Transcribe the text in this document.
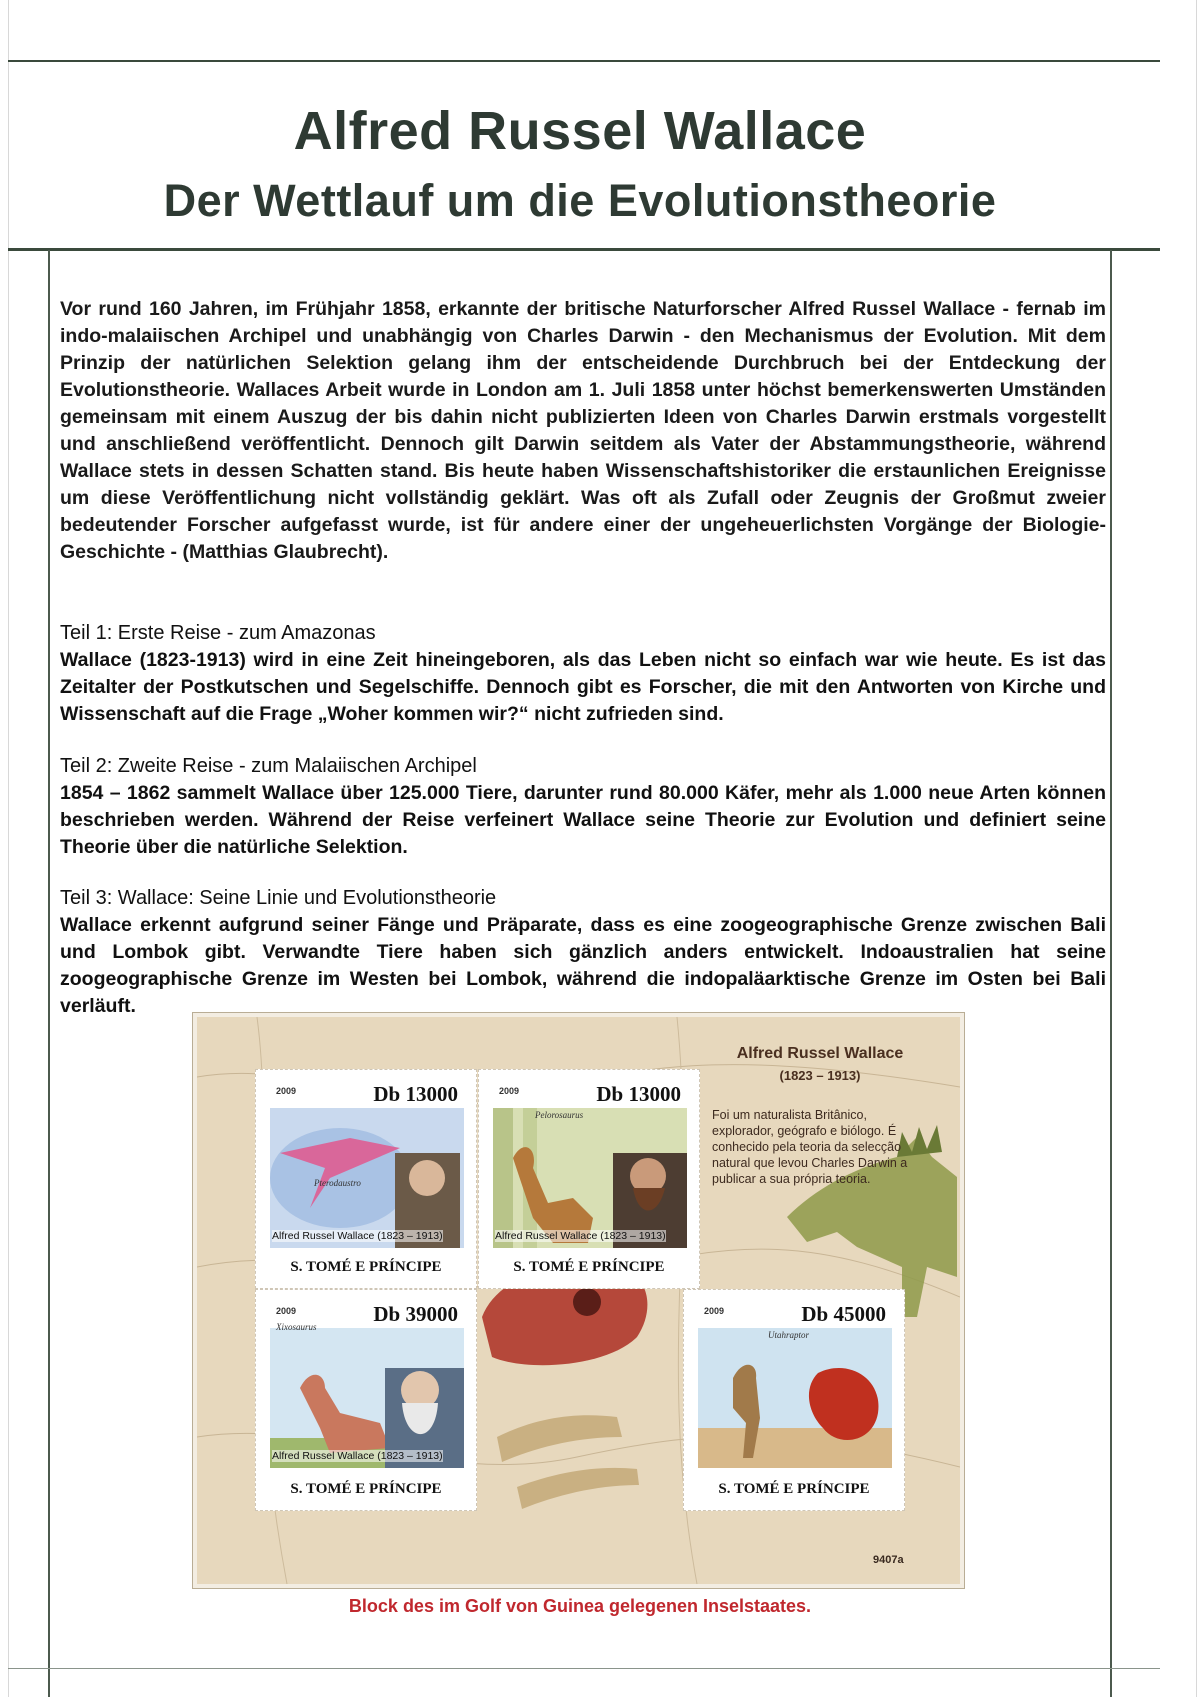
Alfred Russel Wallace
Der Wettlauf um die Evolutionstheorie
Vor rund 160 Jahren, im Frühjahr 1858, erkannte der britische Naturforscher Alfred Russel Wallace - fernab im indo-malaiischen Archipel und unabhängig von Charles Darwin - den Mechanismus der Evolution. Mit dem Prinzip der natürlichen Selektion gelang ihm der entscheidende Durchbruch bei der Entdeckung der Evolutionstheorie. Wallaces Arbeit wurde in London am 1. Juli 1858 unter höchst bemerkenswerten Umständen gemeinsam mit einem Auszug der bis dahin nicht publizierten Ideen von Charles Darwin erstmals vorgestellt und anschließend veröffentlicht. Dennoch gilt Darwin seitdem als Vater der Abstammungstheorie, während Wallace stets in dessen Schatten stand. Bis heute haben Wissenschaftshistoriker die erstaunlichen Ereignisse um diese Veröffentlichung nicht vollständig geklärt. Was oft als Zufall oder Zeugnis der Großmut zweier bedeutender Forscher aufgefasst wurde, ist für andere einer der ungeheuerlichsten Vorgänge der Biologie-Geschichte - (Matthias Glaubrecht).
Teil 1: Erste Reise - zum Amazonas

Wallace (1823-1913) wird in eine Zeit hineingeboren, als das Leben nicht so einfach war wie heute. Es ist das Zeitalter der Postkutschen und Segelschiffe. Dennoch gibt es Forscher, die mit den Antworten von Kirche und Wissenschaft auf die Frage „Woher kommen wir?“ nicht zufrieden sind.

Teil 2: Zweite Reise - zum Malaiischen Archipel

1854 – 1862 sammelt Wallace über 125.000 Tiere, darunter rund 80.000 Käfer, mehr als 1.000 neue Arten können beschrieben werden. Während der Reise verfeinert Wallace seine Theorie zur Evolution und definiert seine Theorie über die natürliche Selektion.

Teil 3: Wallace: Seine Linie und Evolutionstheorie

Wallace erkennt aufgrund seiner Fänge und Präparate, dass es eine zoogeographische Grenze zwischen Bali und Lombok gibt. Verwandte Tiere haben sich gänzlich anders entwickelt. Indoaustralien hat seine zoogeographische Grenze im Westen bei Lombok, während die indopaläarktische Grenze im Osten bei Bali verläuft.

Alfred Russel Wallace
(1823 – 1913)
Foi um naturalista Britânico, explorador, geógrafo e biólogo. É conhecido pela teoria da selecção natural que levou Charles Darwin a publicar a sua própria teoria.
2009	Db 13000
Pterodaustro
Alfred Russel Wallace (1823 – 1913)
S. TOMÉ E PRÍNCIPE
2009	Db 13000
Pelorosaurus
Alfred Russel Wallace (1823 – 1913)
S. TOMÉ E PRÍNCIPE
2009	Db 39000
Xixosaurus
Alfred Russel Wallace (1823 – 1913)
S. TOMÉ E PRÍNCIPE
2009	Db 45000
Utahraptor
S. TOMÉ E PRÍNCIPE
9407a
Block des im Golf von Guinea gelegenen Inselstaates.
